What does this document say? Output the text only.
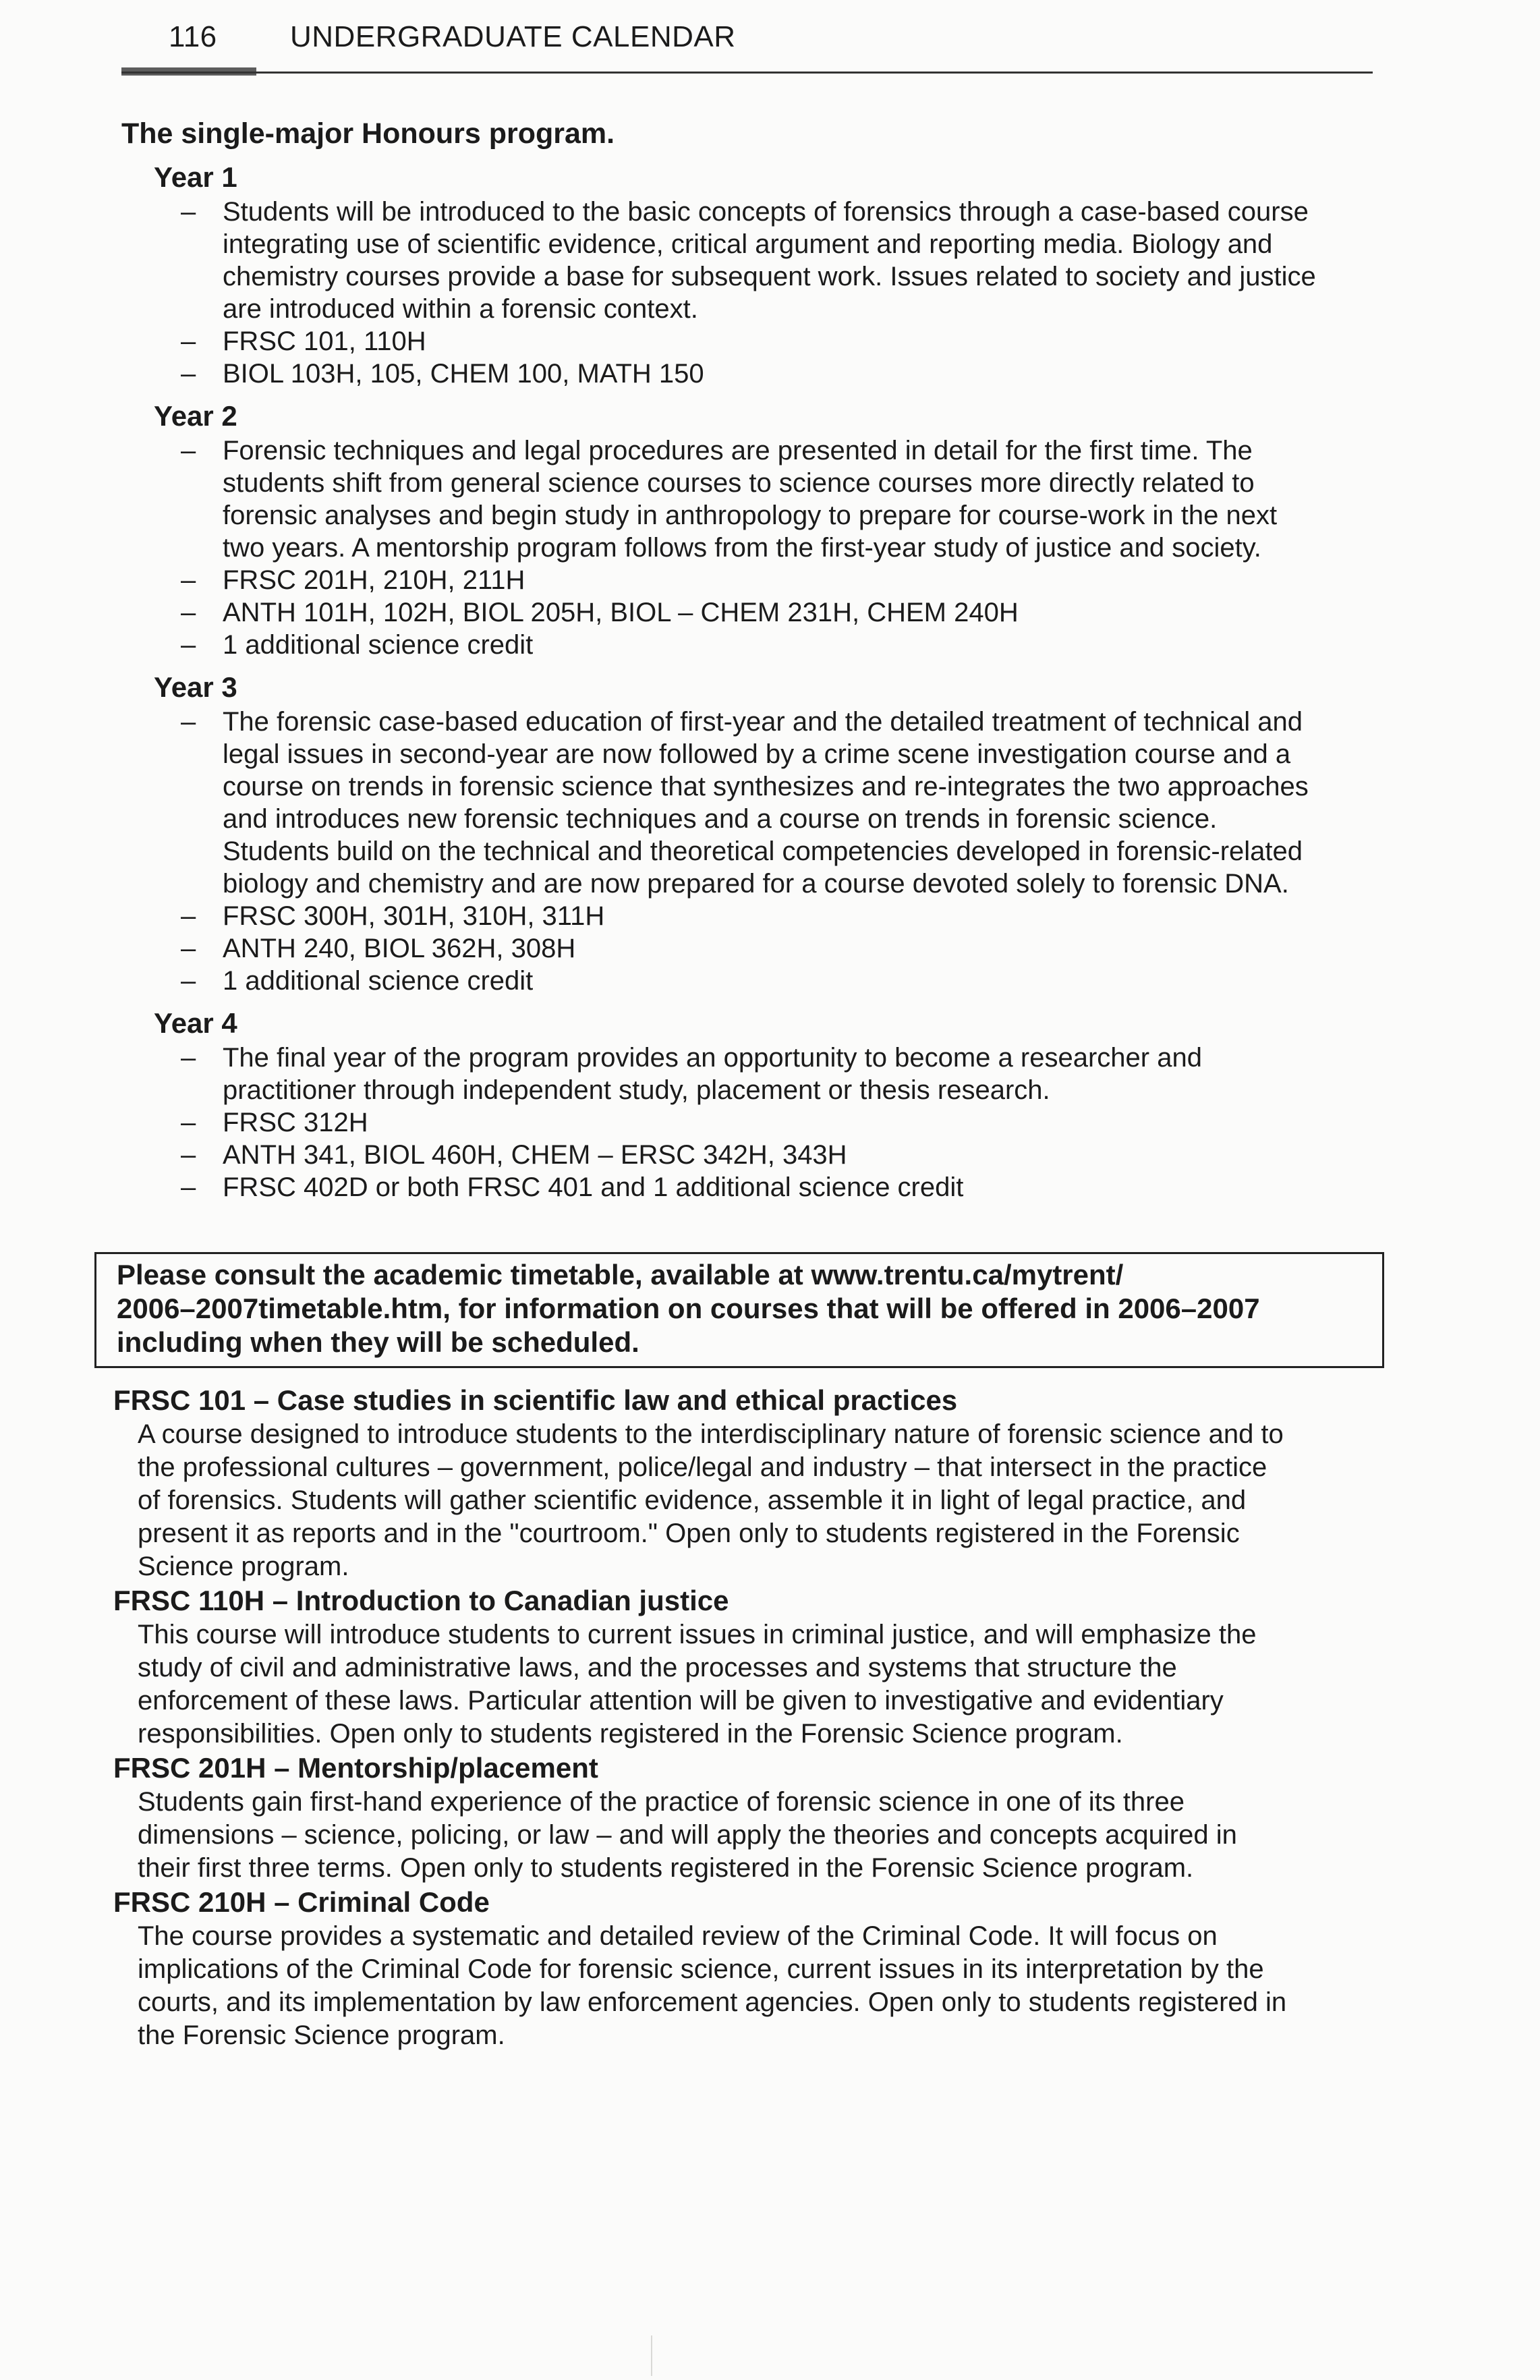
116 UNDERGRADUATE CALENDAR
The single-major Honours program.
Year 1
– Students will be introduced to the basic concepts of forensics through a case-based course
integrating use of scientific evidence, critical argument and reporting media. Biology and
chemistry courses provide a base for subsequent work. Issues related to society and justice
are introduced within a forensic context.
– FRSC 101, 110H
– BIOL 103H, 105, CHEM 100, MATH 150
Year 2
– Forensic techniques and legal procedures are presented in detail for the first time. The
students shift from general science courses to science courses more directly related to
forensic analyses and begin study in anthropology to prepare for course-work in the next
two years. A mentorship program follows from the first-year study of justice and society.
– FRSC 201H, 210H, 211H
– ANTH 101H, 102H, BIOL 205H, BIOL – CHEM 231H, CHEM 240H
– 1 additional science credit
Year 3
– The forensic case-based education of first-year and the detailed treatment of technical and
legal issues in second-year are now followed by a crime scene investigation course and a
course on trends in forensic science that synthesizes and re-integrates the two approaches
and introduces new forensic techniques and a course on trends in forensic science.
Students build on the technical and theoretical competencies developed in forensic-related
biology and chemistry and are now prepared for a course devoted solely to forensic DNA.
– FRSC 300H, 301H, 310H, 311H
– ANTH 240, BIOL 362H, 308H
– 1 additional science credit
Year 4
– The final year of the program provides an opportunity to become a researcher and
practitioner through independent study, placement or thesis research.
– FRSC 312H
– ANTH 341, BIOL 460H, CHEM – ERSC 342H, 343H
– FRSC 402D or both FRSC 401 and 1 additional science credit
Please consult the academic timetable, available at www.trentu.ca/mytrent/
2006–2007timetable.htm, for information on courses that will be offered in 2006–2007
including when they will be scheduled.
FRSC 101 – Case studies in scientific law and ethical practices
A course designed to introduce students to the interdisciplinary nature of forensic science and to
the professional cultures – government, police/legal and industry – that intersect in the practice
of forensics. Students will gather scientific evidence, assemble it in light of legal practice, and
present it as reports and in the "courtroom." Open only to students registered in the Forensic
Science program.
FRSC 110H – Introduction to Canadian justice
This course will introduce students to current issues in criminal justice, and will emphasize the
study of civil and administrative laws, and the processes and systems that structure the
enforcement of these laws. Particular attention will be given to investigative and evidentiary
responsibilities. Open only to students registered in the Forensic Science program.
FRSC 201H – Mentorship/placement
Students gain first-hand experience of the practice of forensic science in one of its three
dimensions – science, policing, or law – and will apply the theories and concepts acquired in
their first three terms. Open only to students registered in the Forensic Science program.
FRSC 210H – Criminal Code
The course provides a systematic and detailed review of the Criminal Code. It will focus on
implications of the Criminal Code for forensic science, current issues in its interpretation by the
courts, and its implementation by law enforcement agencies. Open only to students registered in
the Forensic Science program.
